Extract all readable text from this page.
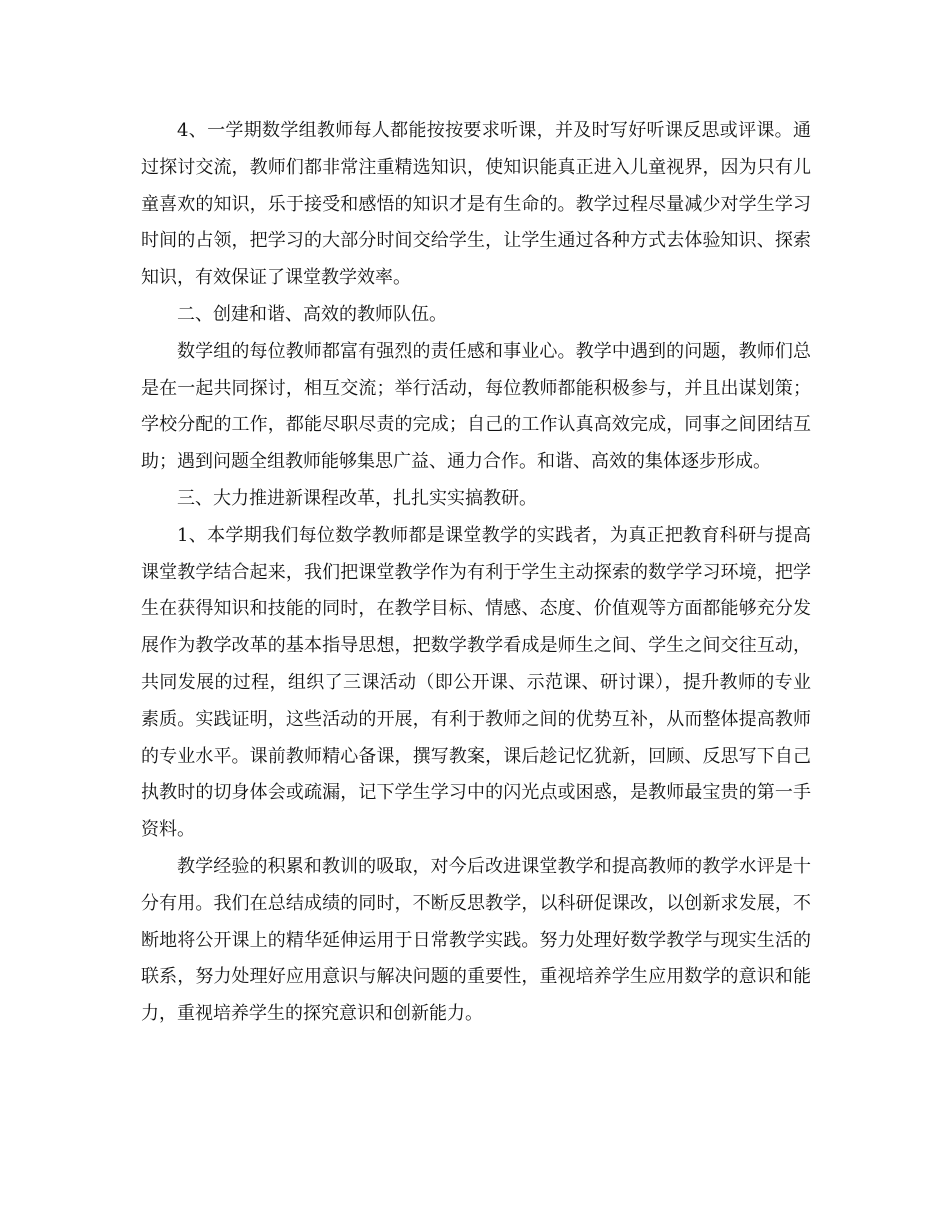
4、一学期数学组教师每人都能按按要求听课，并及时写好听课反思或评课。通过探讨交流，教师们都非常注重精选知识，使知识能真正进入儿童视界，因为只有儿童喜欢的知识，乐于接受和感悟的知识才是有生命的。教学过程尽量减少对学生学习时间的占领，把学习的大部分时间交给学生，让学生通过各种方式去体验知识、探索知识，有效保证了课堂教学效率。

二、创建和谐、高效的教师队伍。

数学组的每位教师都富有强烈的责任感和事业心。教学中遇到的问题，教师们总是在一起共同探讨，相互交流；举行活动，每位教师都能积极参与，并且出谋划策；学校分配的工作，都能尽职尽责的完成；自己的工作认真高效完成，同事之间团结互助；遇到问题全组教师能够集思广益、通力合作。和谐、高效的集体逐步形成。

三、大力推进新课程改革，扎扎实实搞教研。

1、本学期我们每位数学教师都是课堂教学的实践者，为真正把教育科研与提高课堂教学结合起来，我们把课堂教学作为有利于学生主动探索的数学学习环境，把学生在获得知识和技能的同时，在教学目标、情感、态度、价值观等方面都能够充分发展作为教学改革的基本指导思想，把数学教学看成是师生之间、学生之间交往互动，共同发展的过程，组织了三课活动（即公开课、示范课、研讨课），提升教师的专业素质。实践证明，这些活动的开展，有利于教师之间的优势互补，从而整体提高教师的专业水平。课前教师精心备课，撰写教案，课后趁记忆犹新，回顾、反思写下自己执教时的切身体会或疏漏，记下学生学习中的闪光点或困惑，是教师最宝贵的第一手资料。

教学经验的积累和教训的吸取，对今后改进课堂教学和提高教师的教学水评是十分有用。我们在总结成绩的同时，不断反思教学，以科研促课改，以创新求发展，不断地将公开课上的精华延伸运用于日常教学实践。努力处理好数学教学与现实生活的联系，努力处理好应用意识与解决问题的重要性，重视培养学生应用数学的意识和能力，重视培养学生的探究意识和创新能力。
